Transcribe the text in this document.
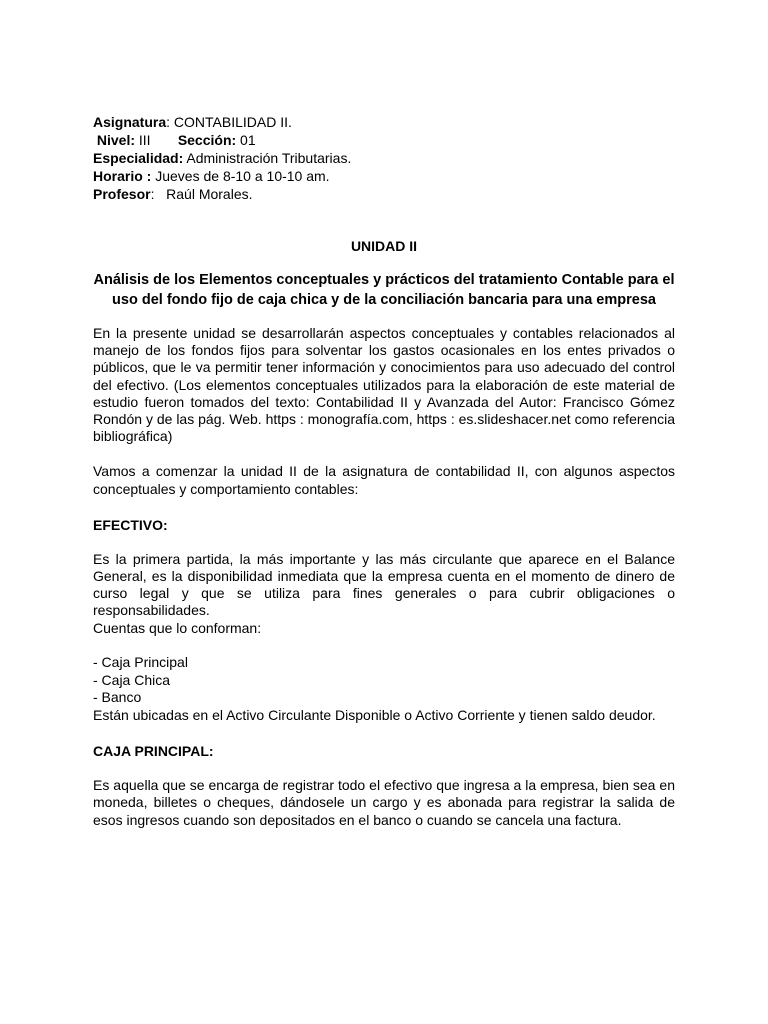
Asignatura: CONTABILIDAD II.
Nivel: III Sección: 01
Especialidad: Administración Tributarias.
Horario : Jueves de 8-10 a 10-10 am.
Profesor:   Raúl Morales.
UNIDAD II
Análisis de los Elementos conceptuales y prácticos del tratamiento Contable para el uso del fondo fijo de caja chica y de la conciliación bancaria para una empresa

En la presente unidad se desarrollarán aspectos conceptuales y contables relacionados al manejo de los fondos fijos para solventar los gastos ocasionales en los entes privados o públicos, que le va permitir tener información y conocimientos para uso adecuado del control del efectivo. (Los elementos conceptuales utilizados para la elaboración de este material de estudio fueron tomados del texto: Contabilidad II y Avanzada del Autor: Francisco Gómez Rondón y de las pág. Web. https : monografía.com, https : es.slideshacer.net como referencia bibliográfica)

Vamos a comenzar la unidad II de la asignatura de contabilidad II, con algunos aspectos conceptuales y comportamiento contables:

EFECTIVO:

Es la primera partida, la más importante y las más circulante que aparece en el Balance General, es la disponibilidad inmediata que la empresa cuenta en el momento de dinero de curso legal y que se utiliza para fines generales o para cubrir obligaciones o responsabilidades.

Cuentas que lo conforman:
- Caja Principal
- Caja Chica
- Banco
Están ubicadas en el Activo Circulante Disponible o Activo Corriente y tienen saldo deudor.
CAJA PRINCIPAL:

Es aquella que se encarga de registrar todo el efectivo que ingresa a la empresa, bien sea en moneda, billetes o cheques, dándosele un cargo y es abonada para registrar la salida de esos ingresos cuando son depositados en el banco o cuando se cancela una factura.
